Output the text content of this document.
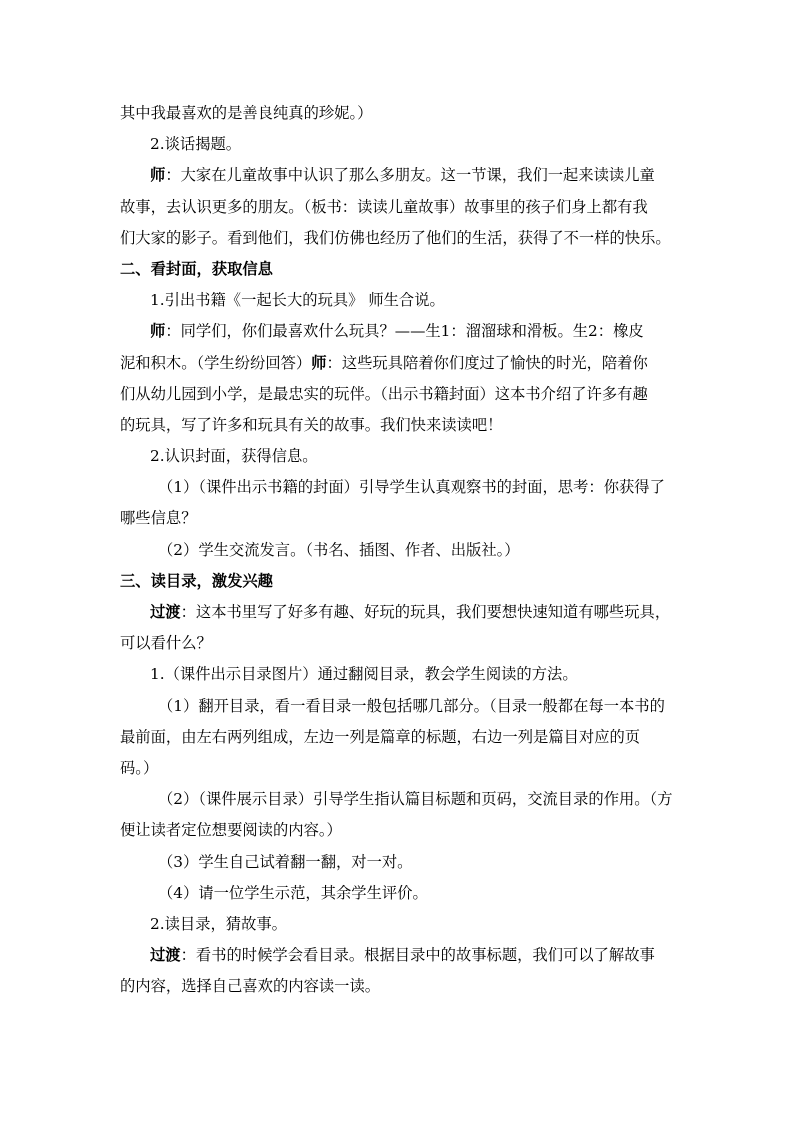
其中我最喜欢的是善良纯真的珍妮。）
2.谈话揭题。
师：大家在儿童故事中认识了那么多朋友。这一节课，我们一起来读读儿童
故事，去认识更多的朋友。（板书：读读儿童故事）故事里的孩子们身上都有我
们大家的影子。看到他们，我们仿佛也经历了他们的生活，获得了不一样的快乐。
二、看封面，获取信息
1.引出书籍《一起长大的玩具》 师生合说。
师：同学们，你们最喜欢什么玩具？——生1：溜溜球和滑板。生2：橡皮
泥和积木。（学生纷纷回答）师：这些玩具陪着你们度过了愉快的时光，陪着你
们从幼儿园到小学，是最忠实的玩伴。（出示书籍封面）这本书介绍了许多有趣
的玩具，写了许多和玩具有关的故事。我们快来读读吧！
2.认识封面，获得信息。
（1）（课件出示书籍的封面）引导学生认真观察书的封面，思考：你获得了
哪些信息？
（2）学生交流发言。（书名、插图、作者、出版社。）
三、读目录，激发兴趣
过渡：这本书里写了好多有趣、好玩的玩具，我们要想快速知道有哪些玩具，
可以看什么？
1.（课件出示目录图片）通过翻阅目录，教会学生阅读的方法。
（1）翻开目录，看一看目录一般包括哪几部分。（目录一般都在每一本书的
最前面，由左右两列组成，左边一列是篇章的标题，右边一列是篇目对应的页
码。）
（2）（课件展示目录）引导学生指认篇目标题和页码，交流目录的作用。（方
便让读者定位想要阅读的内容。）
（3）学生自己试着翻一翻，对一对。
（4）请一位学生示范，其余学生评价。
2.读目录，猜故事。
过渡：看书的时候学会看目录。根据目录中的故事标题，我们可以了解故事
的内容，选择自己喜欢的内容读一读。
